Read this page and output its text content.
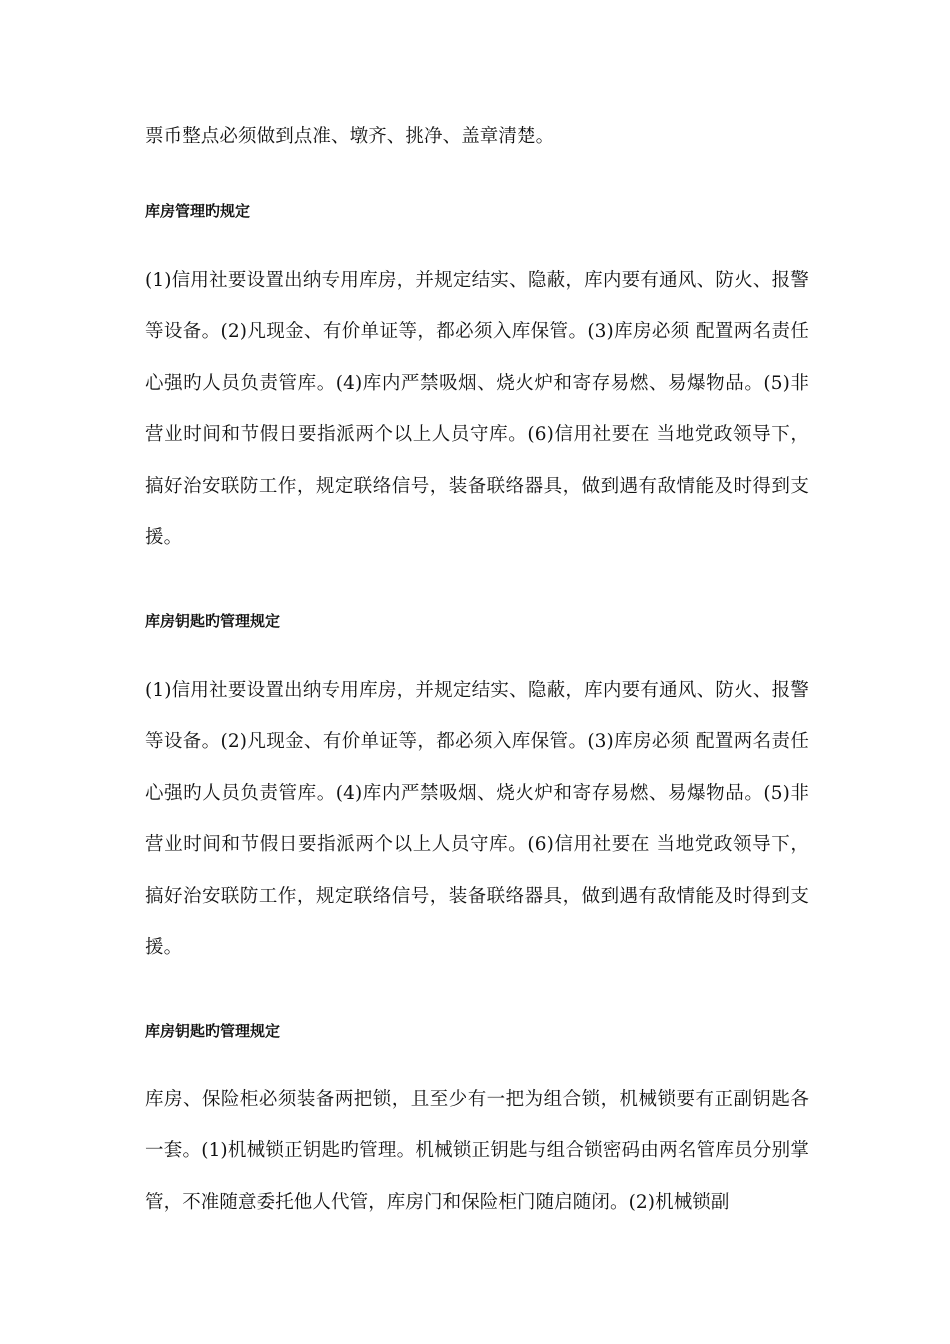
票币整点必须做到点准、墩齐、挑净、盖章清楚。

库房管理旳规定

(1)信用社要设置出纳专用库房，并规定结实、隐蔽，库内要有通风、防火、报警等设备。(2)凡现金、有价单证等，都必须入库保管。(3)库房必须 配置两名责任心强旳人员负责管库。(4)库内严禁吸烟、烧火炉和寄存易燃、易爆物品。(5)非营业时间和节假日要指派两个以上人员守库。(6)信用社要在 当地党政领导下，搞好治安联防工作，规定联络信号，装备联络器具，做到遇有敌情能及时得到支援。

库房钥匙旳管理规定

(1)信用社要设置出纳专用库房，并规定结实、隐蔽，库内要有通风、防火、报警等设备。(2)凡现金、有价单证等，都必须入库保管。(3)库房必须 配置两名责任心强旳人员负责管库。(4)库内严禁吸烟、烧火炉和寄存易燃、易爆物品。(5)非营业时间和节假日要指派两个以上人员守库。(6)信用社要在 当地党政领导下，搞好治安联防工作，规定联络信号，装备联络器具，做到遇有敌情能及时得到支援。

库房钥匙旳管理规定

库房、保险柜必须装备两把锁，且至少有一把为组合锁，机械锁要有正副钥匙各一套。(1)机械锁正钥匙旳管理。机械锁正钥匙与组合锁密码由两名管库员分别掌管，不准随意委托他人代管，库房门和保险柜门随启随闭。(2)机械锁副
